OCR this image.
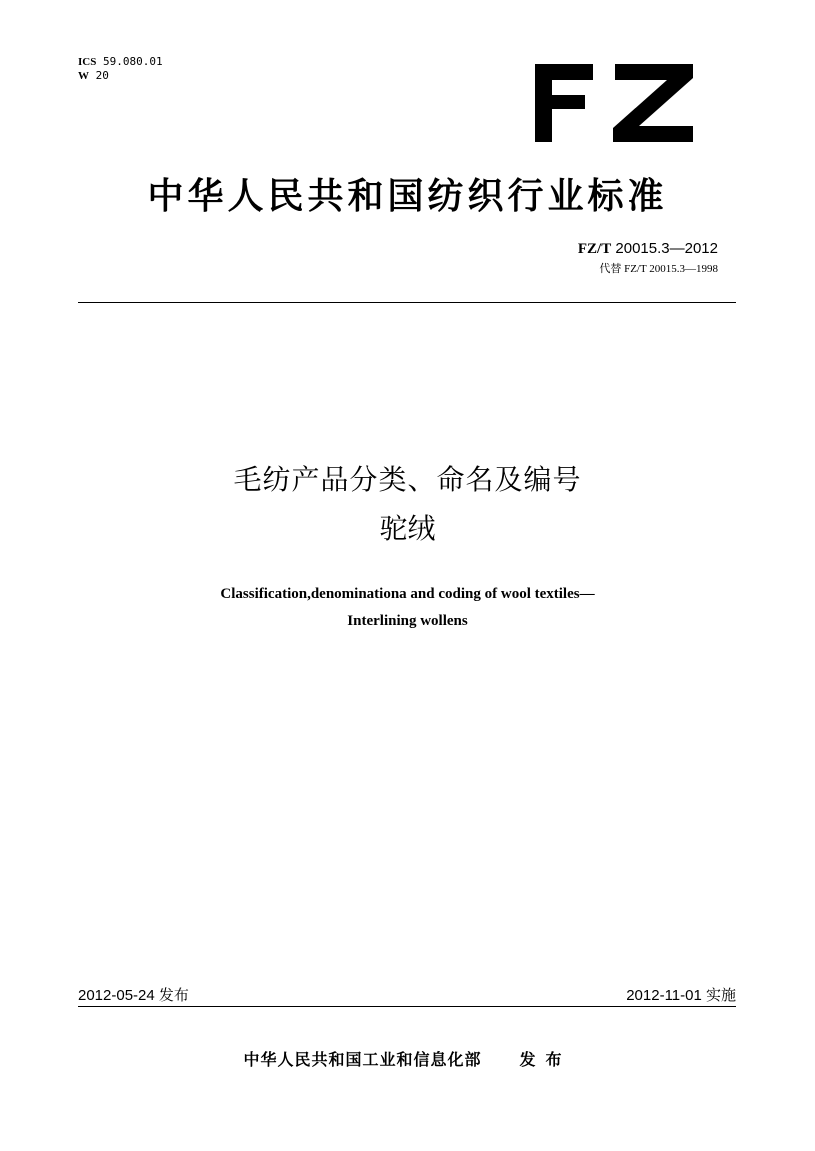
ICS 59.080.01
W 20
中华人民共和国纺织行业标准
FZ/T 20015.3—2012
代替 FZ/T 20015.3—1998
毛纺产品分类、命名及编号
驼绒
Classification,denominationa and coding of wool textiles—
Interlining wollens
2012-05-24 发布	2012-11-01 实施
中华人民共和国工业和信息化部 发布
